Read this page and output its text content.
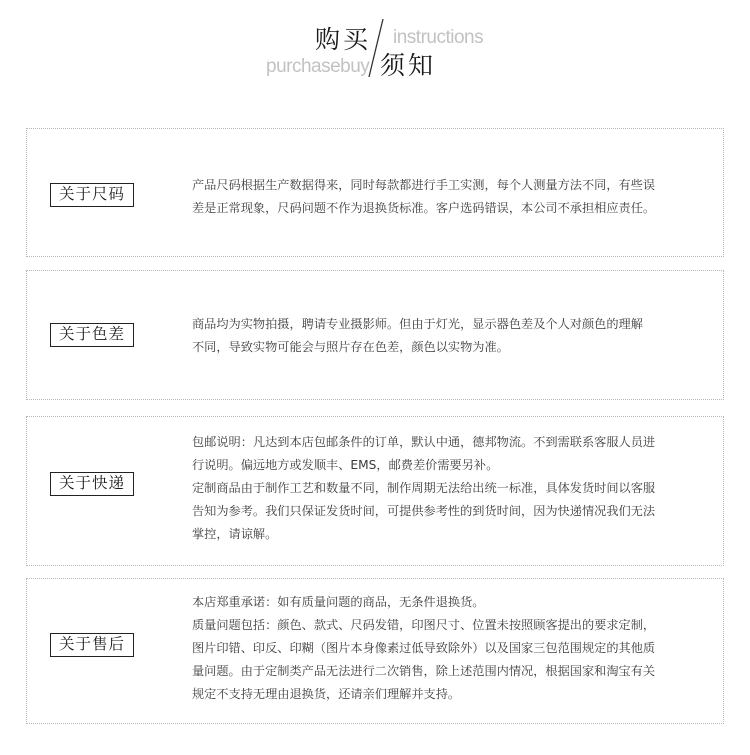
instructions
purchasebuy
购买
须知
关于尺码	产品尺码根据生产数据得来，同时每款都进行手工实测，每个人测量方法不同，有些误
差是正常现象，尺码问题不作为退换货标准。客户选码错误，本公司不承担相应责任。
关于色差
商品均为实物拍摄，聘请专业摄影师。但由于灯光，显示器色差及个人对颜色的理解
不同，导致实物可能会与照片存在色差，颜色以实物为准。
关于快递
包邮说明：凡达到本店包邮条件的订单，默认中通，德邦物流。不到需联系客服人员进
行说明。偏远地方或发顺丰、EMS，邮费差价需要另补。
定制商品由于制作工艺和数量不同，制作周期无法给出统一标准，具体发货时间以客服
告知为参考。我们只保证发货时间，可提供参考性的到货时间，因为快递情况我们无法
掌控，请谅解。
关于售后
本店郑重承诺：如有质量问题的商品，无条件退换货。
质量问题包括：颜色、款式、尺码发错，印图尺寸、位置未按照顾客提出的要求定制，
图片印错、印反、印糊（图片本身像素过低导致除外）以及国家三包范围规定的其他质
量问题。由于定制类产品无法进行二次销售，除上述范围内情况，根据国家和淘宝有关
规定不支持无理由退换货，还请亲们理解并支持。
